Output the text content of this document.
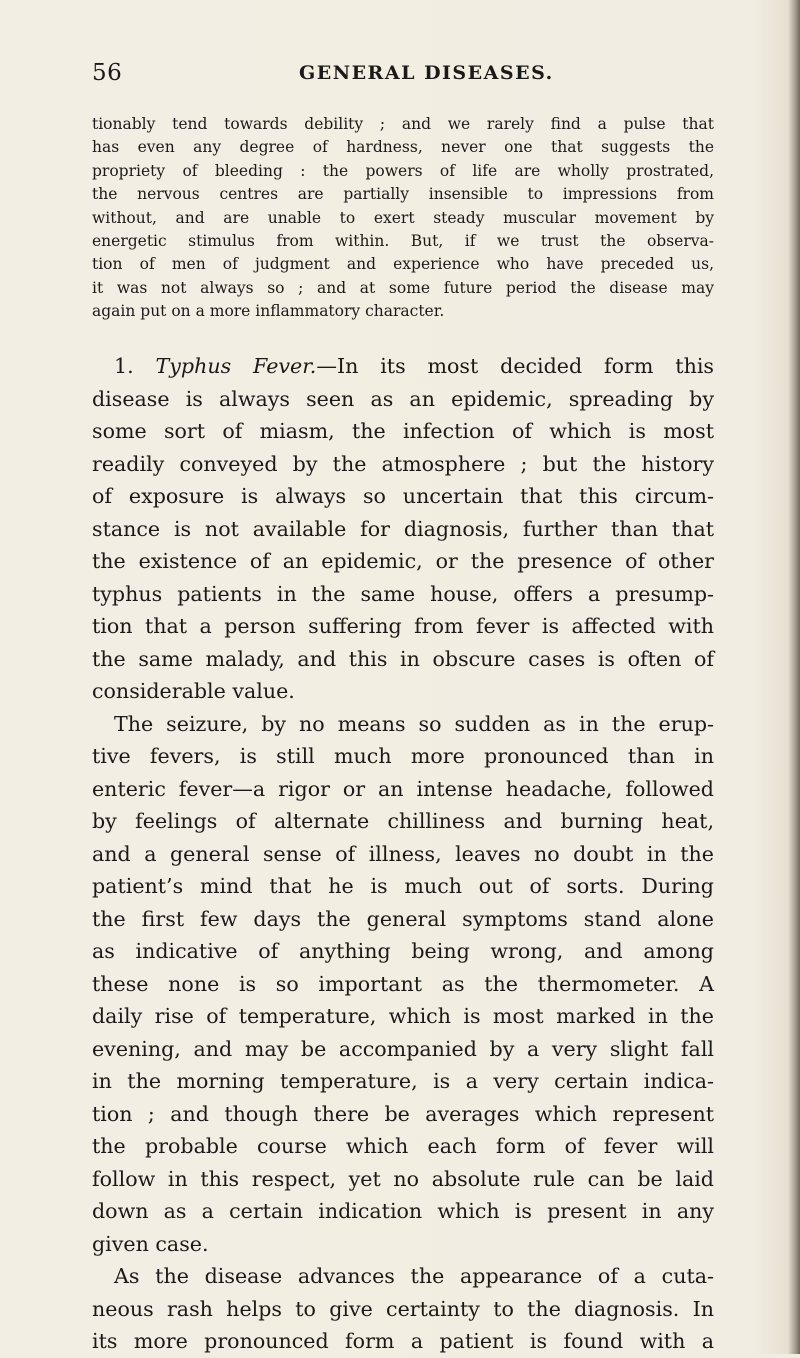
56	GENERAL DISEASES.
tionably tend towards debility ; and we rarely find a pulse that
has even any degree of hardness, never one that suggests the
propriety of bleeding : the powers of life are wholly prostrated,
the nervous centres are partially insensible to impressions from
without, and are unable to exert steady muscular movement by
energetic stimulus from within. But, if we trust the observa-
tion of men of judgment and experience who have preceded us,
it was not always so ; and at some future period the disease may
again put on a more inflammatory character.
1. Typhus Fever.—In its most decided form this
disease is always seen as an epidemic, spreading by
some sort of miasm, the infection of which is most
readily conveyed by the atmosphere ; but the history
of exposure is always so uncertain that this circum-
stance is not available for diagnosis, further than that
the existence of an epidemic, or the presence of other
typhus patients in the same house, offers a presump-
tion that a person suffering from fever is affected with
the same malady, and this in obscure cases is often of
considerable value.
The seizure, by no means so sudden as in the erup-
tive fevers, is still much more pronounced than in
enteric fever—a rigor or an intense headache, followed
by feelings of alternate chilliness and burning heat,
and a general sense of illness, leaves no doubt in the
patient’s mind that he is much out of sorts. During
the first few days the general symptoms stand alone
as indicative of anything being wrong, and among
these none is so important as the thermometer. A
daily rise of temperature, which is most marked in the
evening, and may be accompanied by a very slight fall
in the morning temperature, is a very certain indica-
tion ; and though there be averages which represent
the probable course which each form of fever will
follow in this respect, yet no absolute rule can be laid
down as a certain indication which is present in any
given case.
As the disease advances the appearance of a cuta-
neous rash helps to give certainty to the diagnosis. In
its more pronounced form a patient is found with a
